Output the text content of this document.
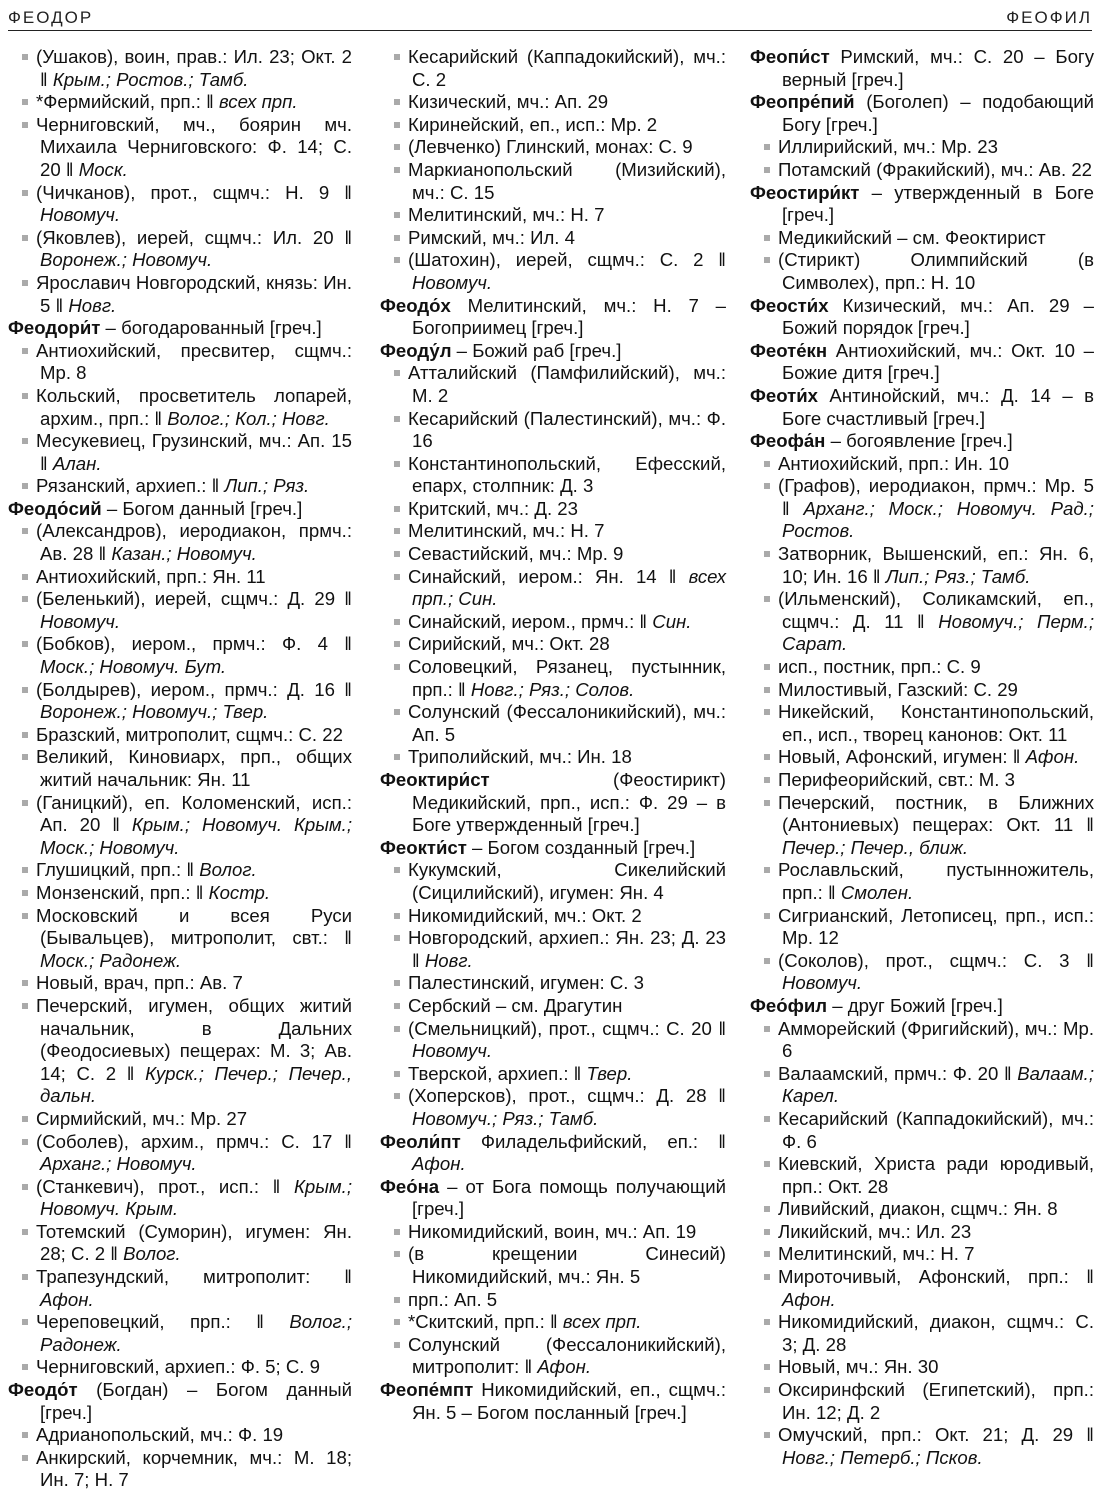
ФЕОДОР	ФЕОФИЛ

(Ушаков), воин, прав.: Ил. 23; Окт. 2 ‖ Крым.; Ростов.; Тамб.

*Фермийский, прп.: ‖ всех прп.

Черниговский, мч., боярин мч. Михаила Черниговского: Ф. 14; С. 20 ‖ Моск.

(Чичканов), прот., сщмч.: Н. 9 ‖ Новомуч.

(Яковлев), иерей, сщмч.: Ил. 20 ‖ Воронеж.; Новомуч.

Ярославич Новгородский, князь: Ин. 5 ‖ Новг.

Феодори́т – богодарованный [греч.]

Антиохийский, пресвитер, сщмч.: Мр. 8

Кольский, просветитель лопарей, архим., прп.: ‖ Волог.; Кол.; Новг.

Месукевиец, Грузинский, мч.: Ап. 15 ‖ Алан.

Рязанский, архиеп.: ‖ Лип.; Ряз.

Феодо́сий – Богом данный [греч.]

(Александров), иеродиакон, прмч.: Ав. 28 ‖ Казан.; Новомуч.

Антиохийский, прп.: Ян. 11

(Беленький), иерей, сщмч.: Д. 29 ‖ Новомуч.

(Бобков), иером., прмч.: Ф. 4 ‖ Моск.; Новомуч. Бут.

(Болдырев), иером., прмч.: Д. 16 ‖ Воронеж.; Новомуч.; Твер.

Бразский, митрополит, сщмч.: С. 22

Великий, Киновиарх, прп., общих житий начальник: Ян. 11

(Ганицкий), еп. Коломенский, исп.: Ап. 20 ‖ Крым.; Новомуч. Крым.; Моск.; Новомуч.

Глушицкий, прп.: ‖ Волог.

Монзенский, прп.: ‖ Костр.

Московский и всея Руси (Бывальцев), митрополит, свт.: ‖ Моск.; Радонеж.

Новый, врач, прп.: Ав. 7

Печерский, игумен, общих житий начальник, в Дальних (Феодосиевых) пещерах: М. 3; Ав. 14; С. 2 ‖ Курск.; Печер.; Печер., дальн.

Сирмийский, мч.: Мр. 27

(Соболев), архим., прмч.: С. 17 ‖ Арханг.; Новомуч.

(Станкевич), прот., исп.: ‖ Крым.; Новомуч. Крым.

Тотемский (Суморин), игумен: Ян. 28; С. 2 ‖ Волог.

Трапезундский, митрополит: ‖ Афон.

Череповецкий, прп.: ‖ Волог.; Радонеж.

Черниговский, архиеп.: Ф. 5; С. 9

Феодо́т (Богдан) – Богом данный [греч.]

Адрианопольский, мч.: Ф. 19

Анкирский, корчемник, мч.: М. 18; Ин. 7; Н. 7

Кесарийский (Каппадокийский), мч.: С. 2

Кизический, мч.: Ап. 29

Киринейский, еп., исп.: Мр. 2

(Левченко) Глинский, монах: С. 9

Маркианопольский (Мизийский), мч.: С. 15

Мелитинский, мч.: Н. 7

Римский, мч.: Ил. 4

(Шатохин), иерей, сщмч.: С. 2 ‖ Новомуч.

Феодо́х Мелитинский, мч.: Н. 7 – Богоприимец [греч.]

Феоду́л – Божий раб [греч.]

Атталийский (Памфилийский), мч.: М. 2

Кесарийский (Палестинский), мч.: Ф. 16

Константинопольский, Ефесский, епарх, столпник: Д. 3

Критский, мч.: Д. 23

Мелитинский, мч.: Н. 7

Севастийский, мч.: Мр. 9

Синайский, иером.: Ян. 14 ‖ всех прп.; Син.

Синайский, иером., прмч.: ‖ Син.

Сирийский, мч.: Окт. 28

Соловецкий, Рязанец, пустынник, прп.: ‖ Новг.; Ряз.; Солов.

Солунский (Фессалоникийский), мч.: Ап. 5

Триполийский, мч.: Ин. 18

Феоктири́ст (Феостирикт) Медикийский, прп., исп.: Ф. 29 – в Боге утвержденный [греч.]

Феокти́ст – Богом созданный [греч.]

Кукумский, Сикелийский (Сицилийский), игумен: Ян. 4

Никомидийский, мч.: Окт. 2

Новгородский, архиеп.: Ян. 23; Д. 23 ‖ Новг.

Палестинский, игумен: С. 3

Сербский – см. Драгутин

(Смельницкий), прот., сщмч.: С. 20 ‖ Новомуч.

Тверской, архиеп.: ‖ Твер.

(Хоперсков), прот., сщмч.: Д. 28 ‖ Новомуч.; Ряз.; Тамб.

Феоли́пт Филадельфийский, еп.: ‖ Афон.

Фео́на – от Бога помощь получающий [греч.]

Никомидийский, воин, мч.: Ап. 19

(в крещении Синесий) Никомидийский, мч.: Ян. 5

прп.: Ап. 5

*Скитский, прп.: ‖ всех прп.

Солунский (Фессалоникийский), митрополит: ‖ Афон.

Феопе́мпт Никомидийский, еп., сщмч.: Ян. 5 – Богом посланный [греч.]

Феопи́ст Римский, мч.: С. 20 – Богу верный [греч.]

Феопре́пий (Боголеп) – подобающий Богу [греч.]

Иллирийский, мч.: Мр. 23

Потамский (Фракийский), мч.: Ав. 22

Феостири́кт – утвержденный в Боге [греч.]

Медикийский – см. Феоктирист

(Стирикт) Олимпийский (в Символех), прп.: Н. 10

Фeости́х Кизический, мч.: Ап. 29 – Божий порядок [греч.]

Феоте́кн Антиохийский, мч.: Окт. 10 – Божие дитя [греч.]

Феоти́х Антинойский, мч.: Д. 14 – в Боге счастливый [греч.]

Феофа́н – богоявление [греч.]

Антиохийский, прп.: Ин. 10

(Графов), иеродиакон, прмч.: Мр. 5 ‖ Арханг.; Моск.; Новомуч. Рад.; Ростов.

Затворник, Вышенский, еп.: Ян. 6, 10; Ин. 16 ‖ Лип.; Ряз.; Тамб.

(Ильменский), Соликамский, еп., сщмч.: Д. 11 ‖ Новомуч.; Перм.; Сарат.

исп., постник, прп.: С. 9

Милостивый, Газский: С. 29

Никейский, Константинопольский, еп., исп., творец канонов: Окт. 11

Новый, Афонский, игумен: ‖ Афон.

Перифеорийский, свт.: М. 3

Печерский, постник, в Ближних (Антониевых) пещерах: Окт. 11 ‖ Печер.; Печер., ближ.

Рославльский, пустынножитель, прп.: ‖ Смолен.

Сигрианский, Летописец, прп., исп.: Мр. 12

(Соколов), прот., сщмч.: С. 3 ‖ Новомуч.

Фео́фил – друг Божий [греч.]

Амморейский (Фригийский), мч.: Мр. 6

Валаамский, прмч.: Ф. 20 ‖ Валаам.; Карел.

Кесарийский (Каппадокийский), мч.: Ф. 6

Киевский, Христа ради юродивый, прп.: Окт. 28

Ливийский, диакон, сщмч.: Ян. 8

Ликийский, мч.: Ил. 23

Мелитинский, мч.: Н. 7

Мироточивый, Афонский, прп.: ‖ Афон.

Никомидийский, диакон, сщмч.: С. 3; Д. 28

Новый, мч.: Ян. 30

Оксиринфский (Египетский), прп.: Ин. 12; Д. 2

Омучский, прп.: Окт. 21; Д. 29 ‖ Новг.; Петерб.; Псков.
